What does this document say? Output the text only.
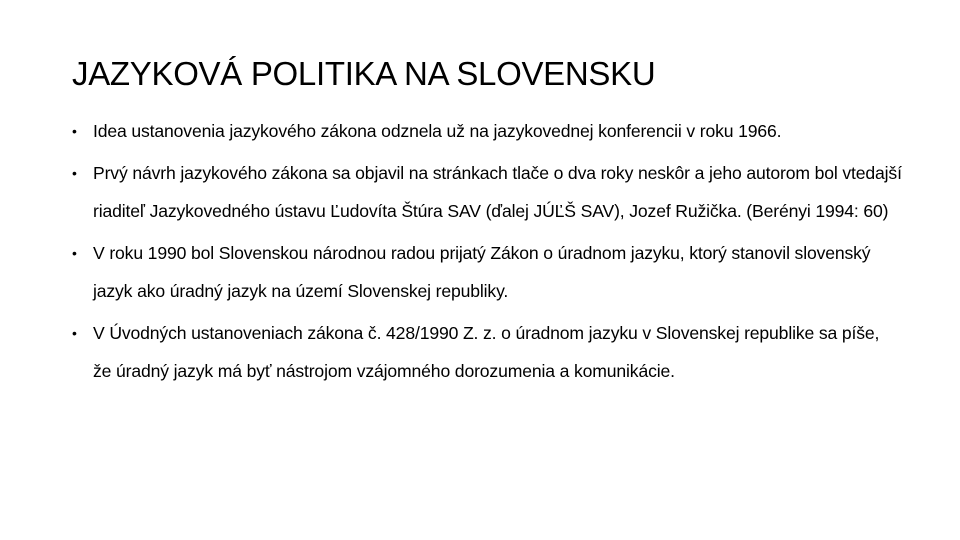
JAZYKOVÁ POLITIKA NA SLOVENSKU
• Idea ustanovenia jazykového zákona odznela už na jazykovednej konferencii v roku 1966.
• Prvý návrh jazykového zákona sa objavil na stránkach tlače o dva roky neskôr a jeho autorom bol vtedajší riaditeľ Jazykovedného ústavu Ľudovíta Štúra SAV (ďalej JÚĽŠ SAV), Jozef Ružička. (Berényi 1994: 60)
• V roku 1990 bol Slovenskou národnou radou prijatý Zákon o úradnom jazyku, ktorý stanovil slovenský jazyk ako úradný jazyk na území Slovenskej republiky.
• V Úvodných ustanoveniach zákona č. 428/1990 Z. z. o úradnom jazyku v Slovenskej republike sa píše, že úradný jazyk má byť nástrojom vzájomného dorozumenia a komunikácie.
